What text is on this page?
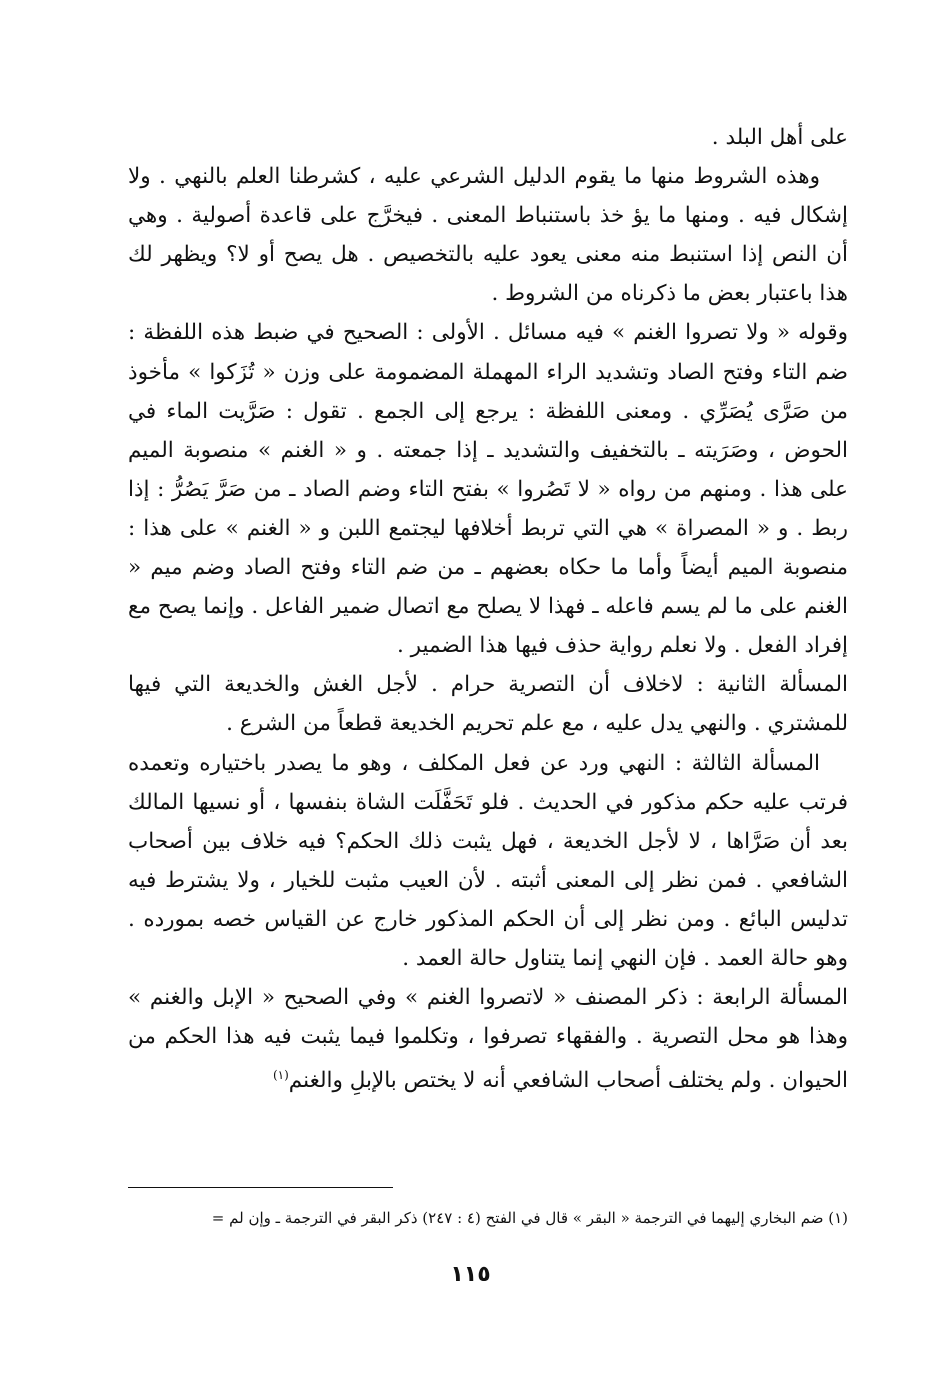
على أهل البلد .

وهذه الشروط منها ما يقوم الدليل الشرعي عليه ، كشرطنا العلم بالنهي . ولا إشكال فيه . ومنها ما يؤ خذ باستنباط المعنى . فيخرَّج على قاعدة أصولية . وهي أن النص إذا استنبط منه معنى يعود عليه بالتخصيص . هل يصح أو لا؟ ويظهر لك هذا باعتبار بعض ما ذكرناه من الشروط .

وقوله « ولا تصروا الغنم » فيه مسائل . الأولى : الصحيح في ضبط هذه اللفظة : ضم التاء وفتح الصاد وتشديد الراء المهملة المضمومة على وزن « تُزَكوا » مأخوذ من صَرَّى يُصَرِّي . ومعنى اللفظة : يرجع إلى الجمع . تقول : صَرَّيت الماء في الحوض ، وصَرَيته ـ بالتخفيف والتشديد ـ إذا جمعته . و « الغنم » منصوبة الميم على هذا . ومنهم من رواه « لا تَصُروا » بفتح التاء وضم الصاد ـ من صَرَّ يَصُرُّ : إذا ربط . و « المصراة » هي التي تربط أخلافها ليجتمع اللبن و « الغنم » على هذا : منصوبة الميم أيضاً وأما ما حكاه بعضهم ـ من ضم التاء وفتح الصاد وضم ميم « الغنم على ما لم يسم فاعله ـ فهذا لا يصلح مع اتصال ضمير الفاعل . وإنما يصح مع إفراد الفعل . ولا نعلم رواية حذف فيها هذا الضمير .

المسألة الثانية : لاخلاف أن التصرية حرام . لأجل الغش والخديعة التي فيها للمشتري . والنهي يدل عليه ، مع علم تحريم الخديعة قطعاً من الشرع .

المسألة الثالثة : النهي ورد عن فعل المكلف ، وهو ما يصدر باختياره وتعمده فرتب عليه حكم مذكور في الحديث . فلو تَحَفَّلَت الشاة بنفسها ، أو نسيها المالك بعد أن صَرَّاها ، لا لأجل الخديعة ، فهل يثبت ذلك الحكم؟ فيه خلاف بين أصحاب الشافعي . فمن نظر إلى المعنى أثبته . لأن العيب مثبت للخيار ، ولا يشترط فيه تدليس البائع . ومن نظر إلى أن الحكم المذكور خارج عن القياس خصه بمورده . وهو حالة العمد . فإن النهي إنما يتناول حالة العمد .

المسألة الرابعة : ذكر المصنف « لاتصروا الغنم » وفي الصحيح « الإبل والغنم » وهذا هو محل التصرية . والفقهاء تصرفوا ، وتكلموا فيما يثبت فيه هذا الحكم من الحيوان . ولم يختلف أصحاب الشافعي أنه لا يختص بالإبلِ والغنم$^{(١)}$

(١) ضم البخاري إليهما في الترجمة « البقر » قال في الفتح (٤ : ٢٤٧) ذكر البقر في الترجمة ـ وإن لم =
١١٥
